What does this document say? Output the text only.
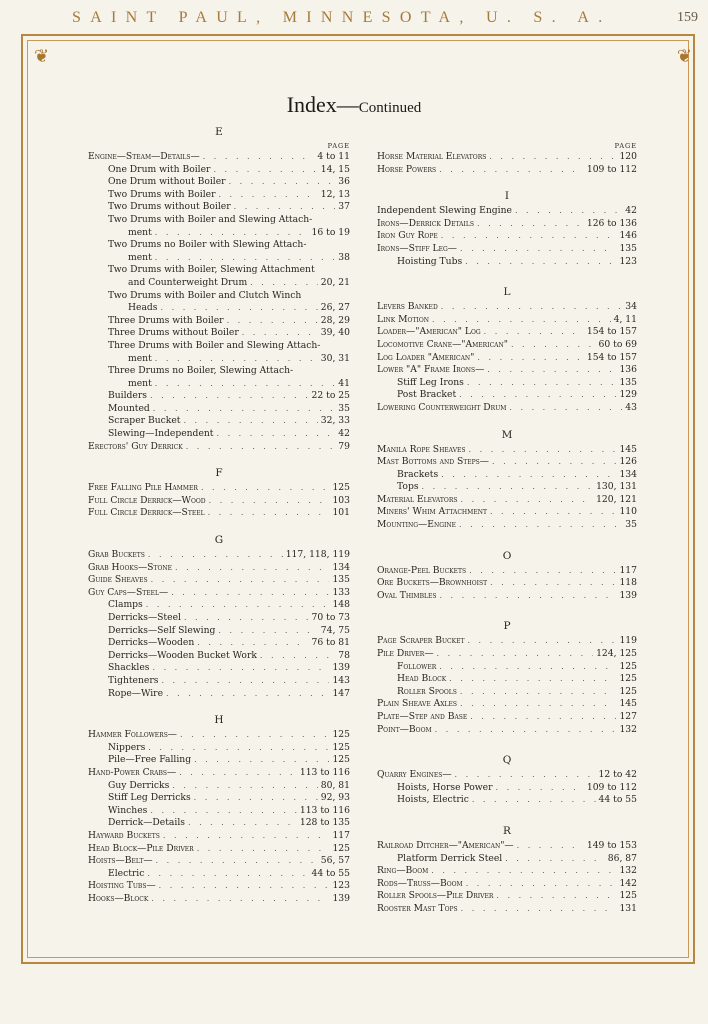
SAINT PAUL, MINNESOTA, U. S. A.	159
❦	❦
Index—Continued
E
PAGE
Engine—Steam—Details— . . .	4 to 11
One Drum with Boiler . . .	14, 15
One Drum without Boiler . . .	36
Two Drums with Boiler . . .	12, 13
Two Drums without Boiler . . .	37
Two Drums with Boiler and Slewing Attach-
ment . . .	16 to 19
Two Drums no Boiler with Slewing Attach-
ment . . .	38
Two Drums with Boiler, Slewing Attachment
and Counterweight Drum . . .	20, 21
Two Drums with Boiler and Clutch Winch
Heads . . .	26, 27
Three Drums with Boiler . . .	28, 29
Three Drums without Boiler . . .	39, 40
Three Drums with Boiler and Slewing Attach-
ment . . .	30, 31
Three Drums no Boiler, Slewing Attach-
ment . . .	41
Builders . . .	22 to 25
Mounted . . .	35
Scraper Bucket . . .	32, 33
Slewing—Independent . . .	42
Erectors' Guy Derrick . . .	79
F
Free Falling Pile Hammer . . .	125
Full Circle Derrick—Wood . . .	103
Full Circle Derrick—Steel . . .	101
G
Grab Buckets . . .	117, 118, 119
Grab Hooks—Stone . . .	134
Guide Sheaves . . .	135
Guy Caps—Steel— . . .	133
Clamps . . .	148
Derricks—Steel . . .	70 to 73
Derricks—Self Slewing . . .	74, 75
Derricks—Wooden . . .	76 to 81
Derricks—Wooden Bucket Work . . .	78
Shackles . . .	139
Tighteners . . .	143
Rope—Wire . . .	147
H
Hammer Followers— . . .	125
Nippers . . .	125
Pile—Free Falling . . .	125
Hand-Power Crabs— . . .	113 to 116
Guy Derricks . . .	80, 81
Stiff Leg Derricks . . .	92, 93
Winches . . .	113 to 116
Derrick—Details . . .	128 to 135
Hayward Buckets . . .	117
Head Block—Pile Driver . . .	125
Hoists—Belt— . . .	56, 57
Electric . . .	44 to 55
Hoisting Tubs— . . .	123
Hooks—Block . . .	139
PAGE
Horse Material Elevators . . .	120
Horse Powers . . .	109 to 112
I
Independent Slewing Engine . . .	42
Irons—Derrick Details . . .	126 to 136
Iron Guy Rope . . .	146
Irons—Stiff Leg— . . .	135
Hoisting Tubs . . .	123
L
Levers Banked . . .	34
Link Motion . . .	4, 11
Loader—"American" Log . . .	154 to 157
Locomotive Crane—"American" . . .	60 to 69
Log Loader "American" . . .	154 to 157
Lower "A" Frame Irons— . . .	136
Stiff Leg Irons . . .	135
Post Bracket . . .	129
Lowering Counterweight Drum . . .	43
M
Manila Rope Sheaves . . .	145
Mast Bottoms and Steps— . . .	126
Brackets . . .	134
Tops . . .	130, 131
Material Elevators . . .	120, 121
Miners' Whim Attachment . . .	110
Mounting—Engine . . .	35
O
Orange-Peel Buckets . . .	117
Ore Buckets—Brownhoist . . .	118
Oval Thimbles . . .	139
P
Page Scraper Bucket . . .	119
Pile Driver— . . .	124, 125
Follower . . .	125
Head Block . . .	125
Roller Spools . . .	125
Plain Sheave Axles . . .	145
Plate—Step and Base . . .	127
Point—Boom . . .	132
Q
Quarry Engines— . . .	12 to 42
Hoists, Horse Power . . .	109 to 112
Hoists, Electric . . .	44 to 55
R
Railroad Ditcher—"American"— . . .	149 to 153
Platform Derrick Steel . . .	86, 87
Ring—Boom . . .	132
Rods—Truss—Boom . . .	142
Roller Spools—Pile Driver . . .	125
Rooster Mast Tops . . .	131
